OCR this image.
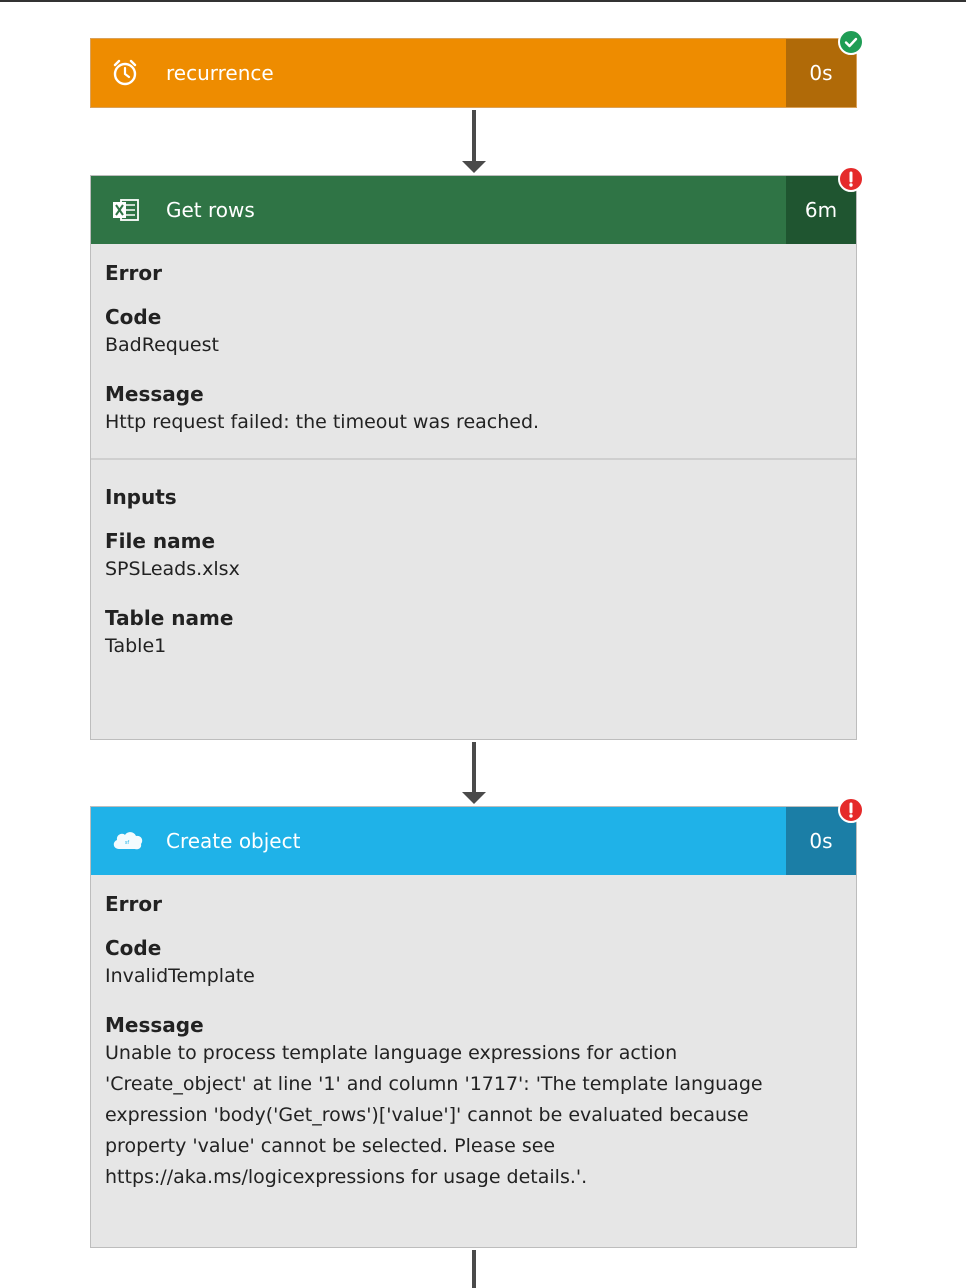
recurrence	0s
Get rows	6m
Error
Code
BadRequest
Message
Http request failed: the timeout was reached.
Inputs
File name
SPSLeads.xlsx
Table name
Table1
sf Create object	0s
Error
Code
InvalidTemplate
Message
Unable to process template language expressions for action
'Create_object' at line '1' and column '1717': 'The template language
expression 'body('Get_rows')['value']' cannot be evaluated because
property 'value' cannot be selected. Please see
https://aka.ms/logicexpressions for usage details.'.
